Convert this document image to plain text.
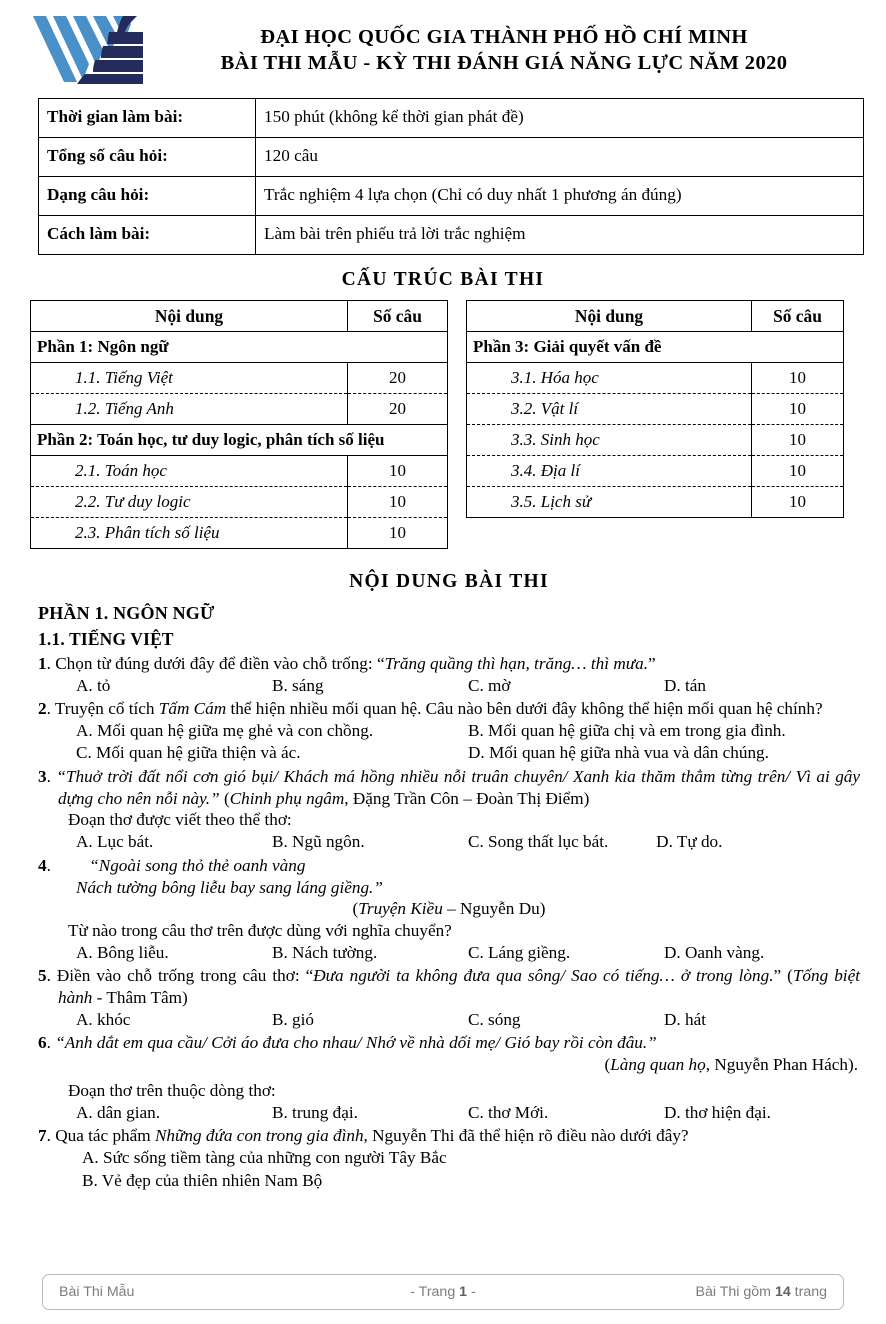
ĐẠI HỌC QUỐC GIA THÀNH PHỐ HỒ CHÍ MINH
BÀI THI MẪU - KỲ THI ĐÁNH GIÁ NĂNG LỰC NĂM 2020
Thời gian làm bài:	150 phút (không kể thời gian phát đề)
Tổng số câu hỏi:	120 câu
Dạng câu hỏi:	Trắc nghiệm 4 lựa chọn (Chỉ có duy nhất 1 phương án đúng)
Cách làm bài:	Làm bài trên phiếu trả lời trắc nghiệm
CẤU TRÚC BÀI THI
Nội dung	Số câu
Phần 1: Ngôn ngữ	
1.1. Tiếng Việt	20
1.2. Tiếng Anh	20
Phần 2: Toán học, tư duy logic, phân tích số liệu	
2.1. Toán học	10
2.2. Tư duy logic	10
2.3. Phân tích số liệu	10
Nội dung	Số câu
Phần 3: Giải quyết vấn đề	
3.1. Hóa học	10
3.2. Vật lí	10
3.3. Sinh học	10
3.4. Địa lí	10
3.5. Lịch sử	10
NỘI DUNG BÀI THI
PHẦN 1. NGÔN NGỮ
1.1. TIẾNG VIỆT
1. Chọn từ đúng dưới đây để điền vào chỗ trống: “Trăng quầng thì hạn, trăng… thì mưa.”
A. tỏ	B. sáng	C. mờ	D. tán
2. Truyện cổ tích Tấm Cám thể hiện nhiều mối quan hệ. Câu nào bên dưới đây không thể hiện mối quan hệ chính?
A. Mối quan hệ giữa mẹ ghẻ và con chồng.	B. Mối quan hệ giữa chị và em trong gia đình.
C. Mối quan hệ giữa thiện và ác.	D. Mối quan hệ giữa nhà vua và dân chúng.
3. “Thuở trời đất nổi cơn gió bụi/ Khách má hồng nhiều nỗi truân chuyên/ Xanh kia thăm thẳm từng trên/ Vì ai gây dựng cho nên nỗi này.” (Chinh phụ ngâm, Đặng Trần Côn – Đoàn Thị Điểm)
Đoạn thơ được viết theo thể thơ:
A. Lục bát.	B. Ngũ ngôn.	C. Song thất lục bát.	D. Tự do.
4. “Ngoài song thỏ thẻ oanh vàng
Nách tường bông liễu bay sang láng giềng.”
(Truyện Kiều – Nguyễn Du)
Từ nào trong câu thơ trên được dùng với nghĩa chuyển?
A. Bông liễu.	B. Nách tường.	C. Láng giềng.	D. Oanh vàng.
5. Điền vào chỗ trống trong câu thơ: “Đưa người ta không đưa qua sông/ Sao có tiếng… ở trong lòng.” (Tống biệt hành - Thâm Tâm)
A. khóc	B. gió	C. sóng	D. hát
6. “Anh dắt em qua cầu/ Cởi áo đưa cho nhau/ Nhớ về nhà dối mẹ/ Gió bay rồi còn đâu.”
(Làng quan họ, Nguyễn Phan Hách).
Đoạn thơ trên thuộc dòng thơ:
A. dân gian.	B. trung đại.	C. thơ Mới.	D. thơ hiện đại.
7. Qua tác phẩm Những đứa con trong gia đình, Nguyễn Thi đã thể hiện rõ điều nào dưới đây?
A. Sức sống tiềm tàng của những con người Tây Bắc
B. Vẻ đẹp của thiên nhiên Nam Bộ
Bài Thi Mẫu	- Trang 1 -	Bài Thi gồm 14 trang
